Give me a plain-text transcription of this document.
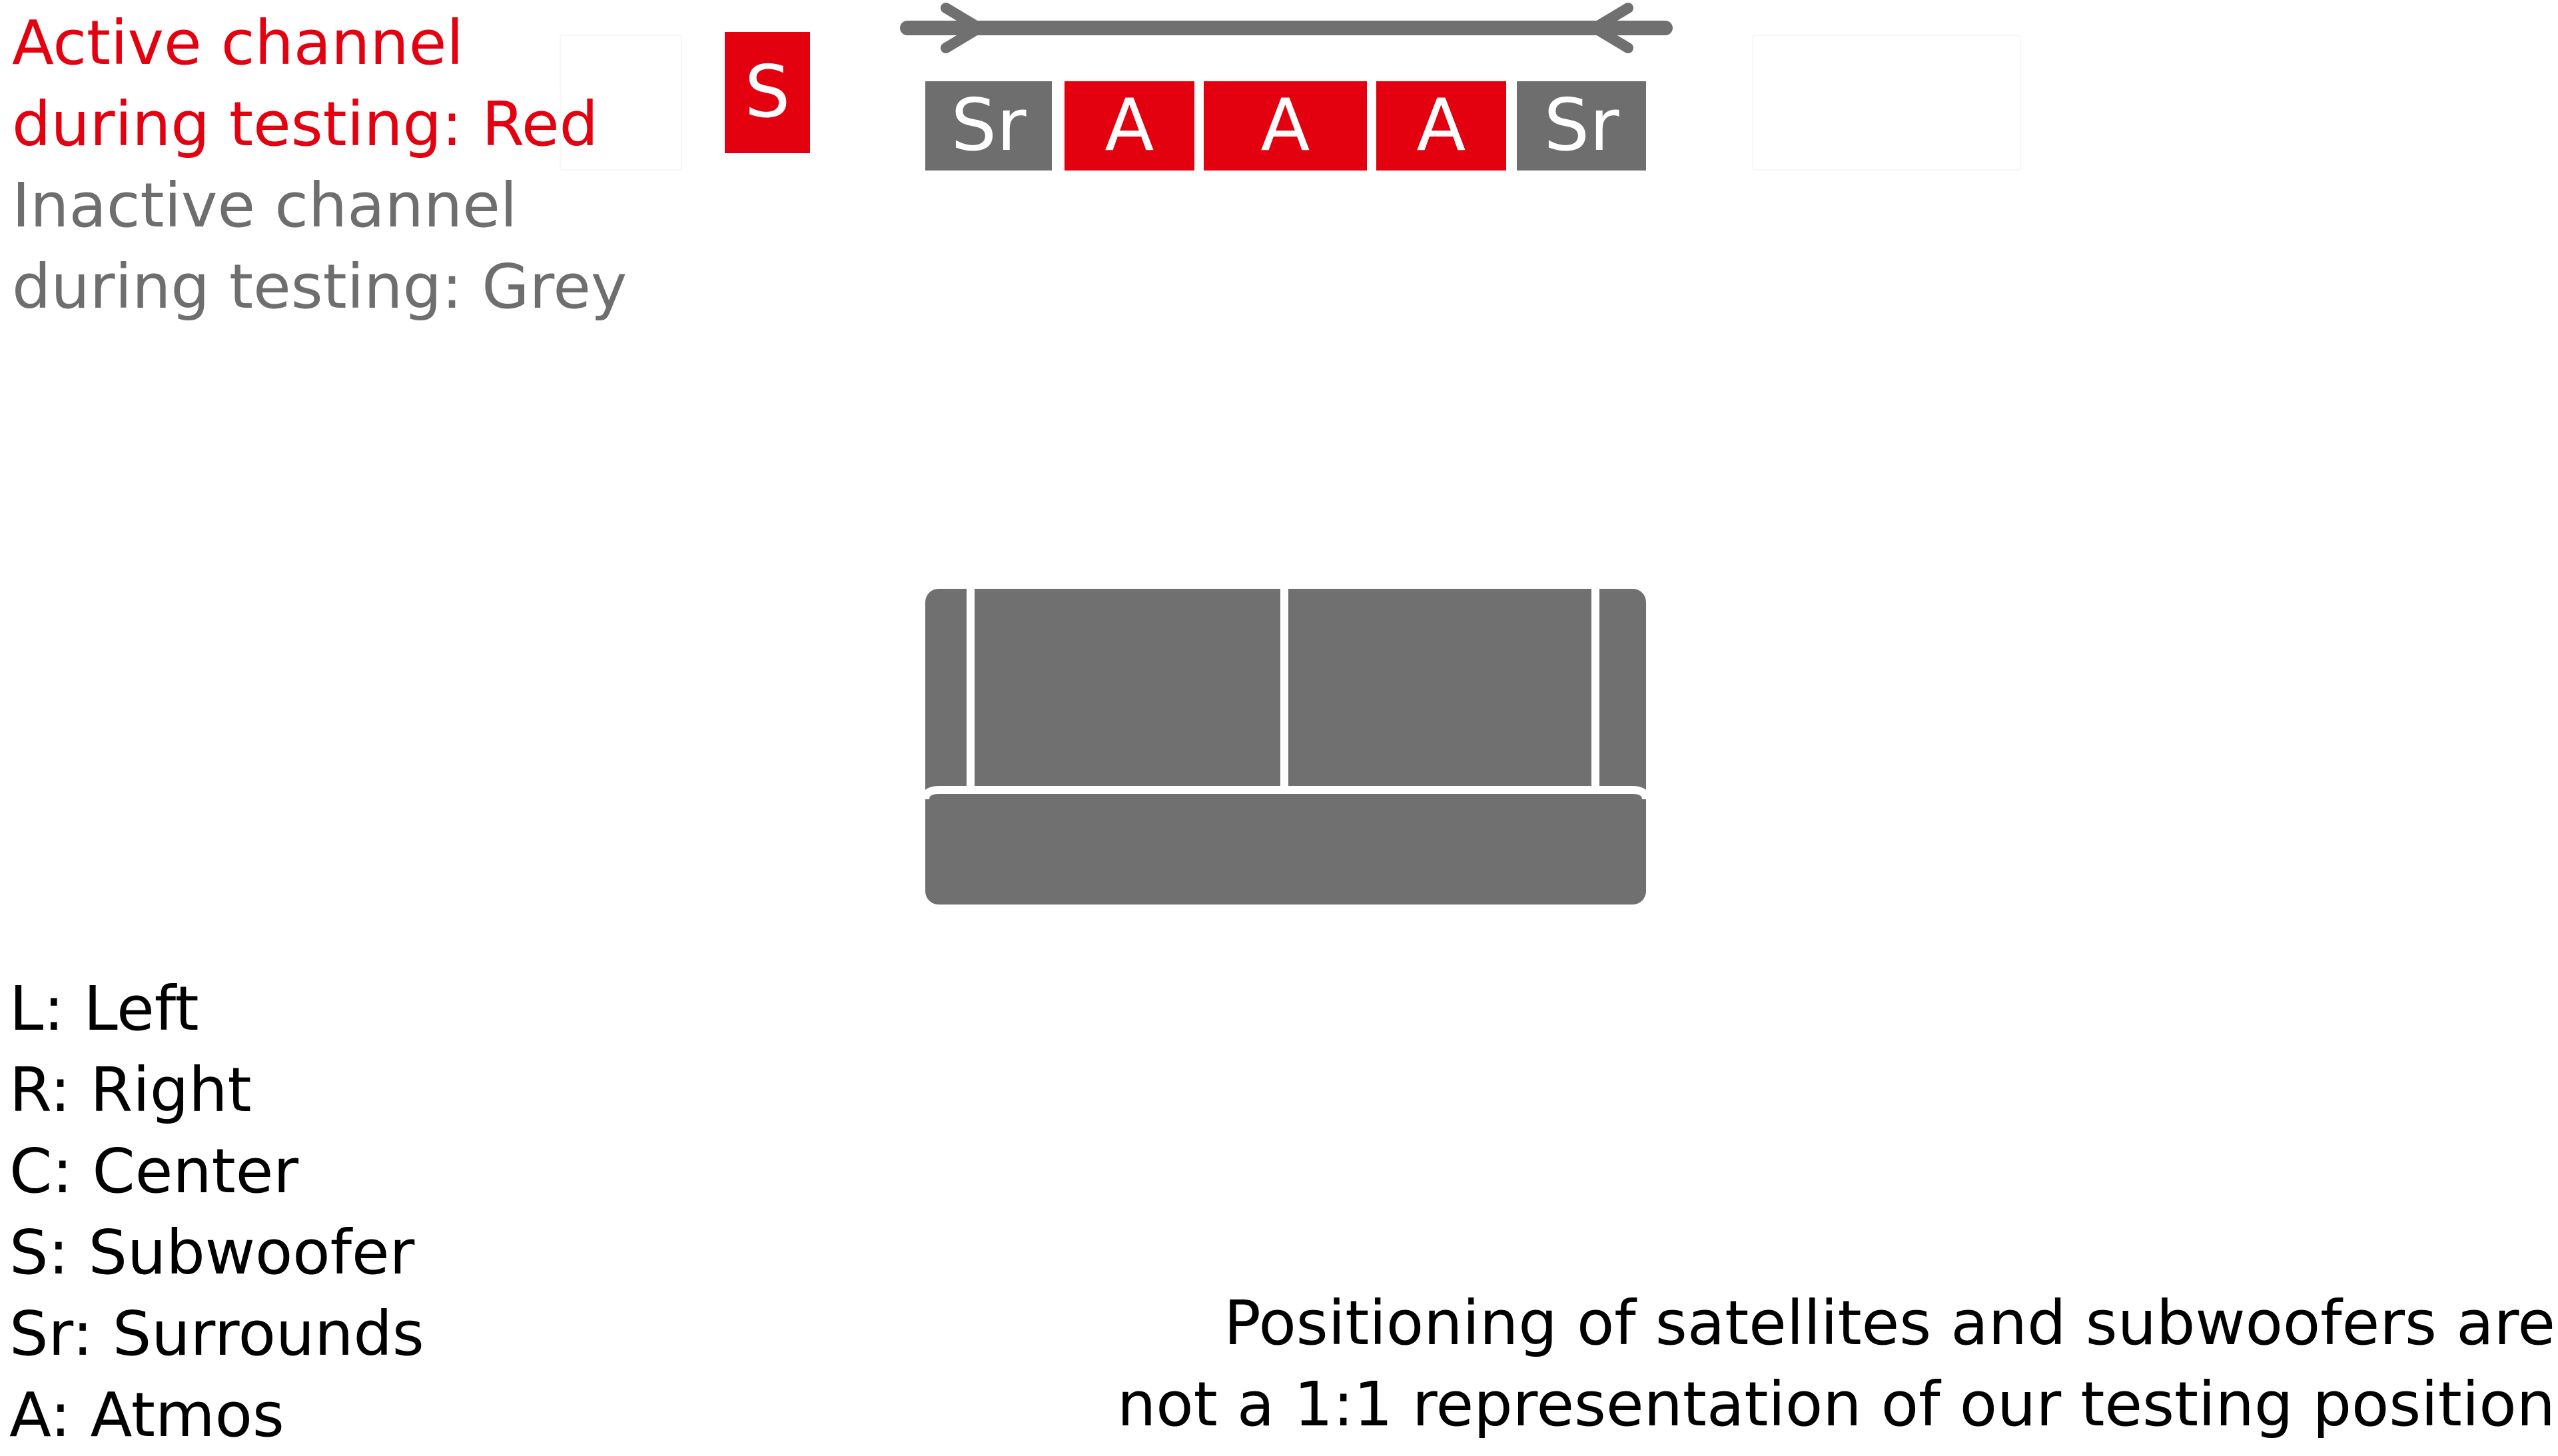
Active channel
during testing: Red
Inactive channel
during testing: Grey
S Sr A A A Sr
L: Left
R: Right
C: Center
S: Subwoofer
Sr: Surrounds
A: Atmos
Positioning of satellites and subwoofers are
not a 1:1 representation of our testing position
